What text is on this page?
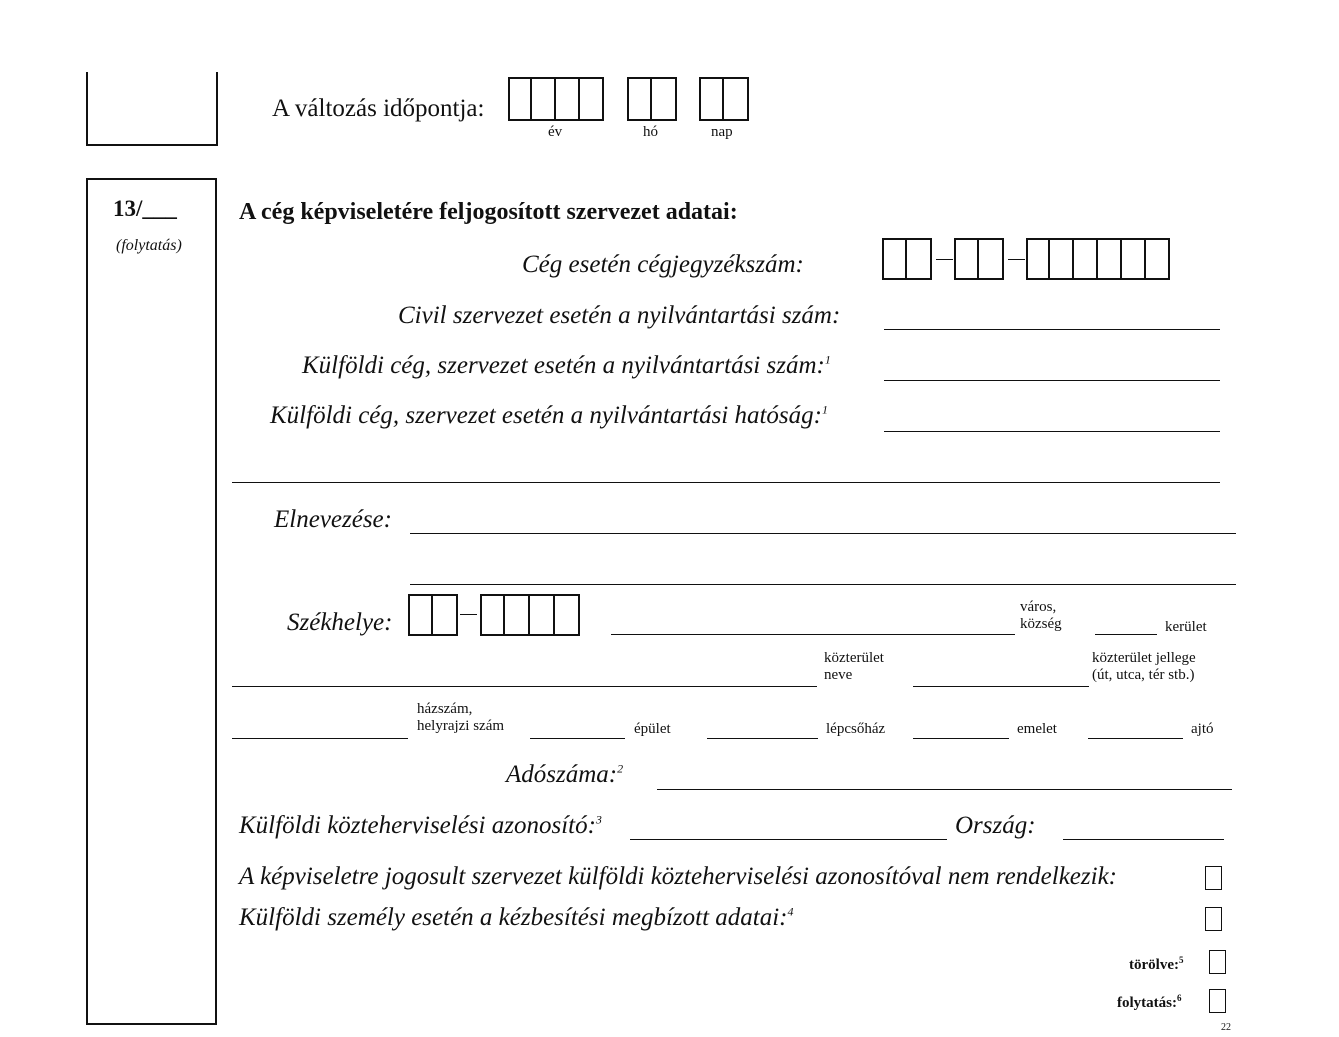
A változás időpontja:
év	hó	nap
13/___
(folytatás)
A cég képviseletére feljogosított szervezet adatai:
Cég esetén cégjegyzékszám:
Civil szervezet esetén a nyilvántartási szám:
Külföldi cég, szervezet esetén a nyilvántartási szám:$^1$
Külföldi cég, szervezet esetén a nyilvántartási hatóság:$^1$
Elnevezése:
Székhelye:
város,
község	kerület
közterület
neve
közterület jellege
(út, utca, tér stb.)
házszám,
helyrajzi szám	épület	lépcsőház	emelet	ajtó
Adószáma:$^2$
Külföldi közteherviselési azonosító:$^3$	Ország:
A képviseletre jogosult szervezet külföldi közteherviselési azonosítóval nem rendelkezik:
Külföldi személy esetén a kézbesítési megbízott adatai:$^4$
törölve:$^5$
folytatás:$^6$
22
